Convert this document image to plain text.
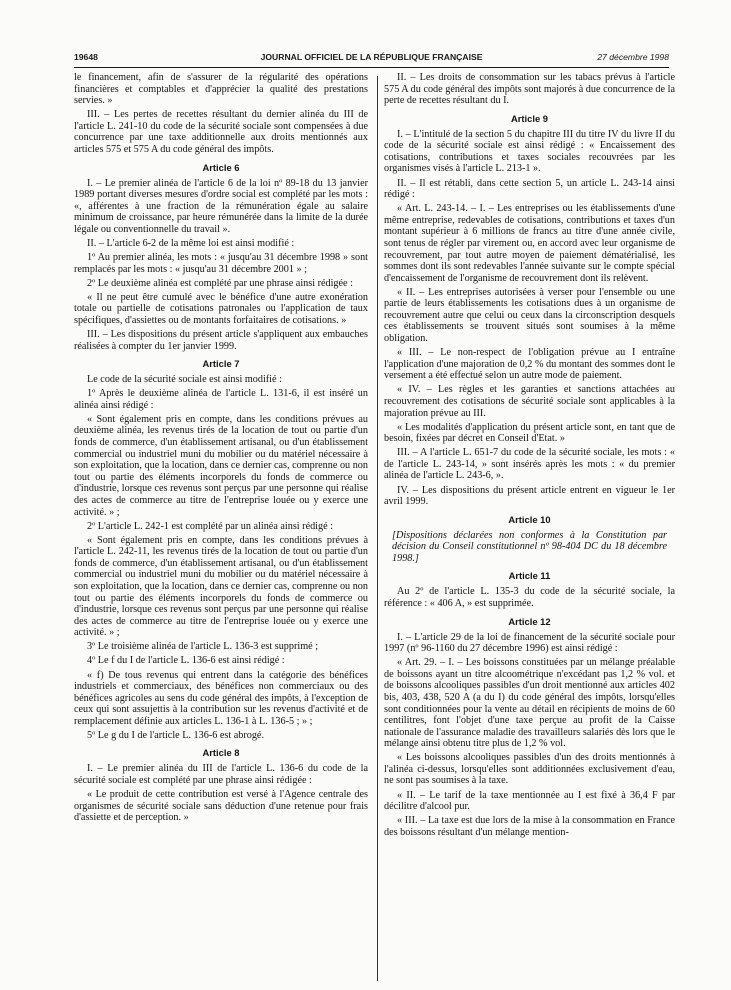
19648	JOURNAL OFFICIEL DE LA RÉPUBLIQUE FRANÇAISE	27 décembre 1998

le financement, afin de s'assurer de la régularité des opérations financières et comptables et d'apprécier la qualité des prestations servies. »

III. – Les pertes de recettes résultant du dernier alinéa du III de l'article L. 241-10 du code de la sécurité sociale sont compensées à due concurrence par une taxe additionnelle aux droits mentionnés aux articles 575 et 575 A du code général des impôts.

Article 6

I. – Le premier alinéa de l'article 6 de la loi nº 89-18 du 13 janvier 1989 portant diverses mesures d'ordre social est complété par les mots : «, afférentes à une fraction de la rémunération égale au salaire minimum de croissance, par heure rémunérée dans la limite de la durée légale ou conventionnelle du travail ».

II. – L'article 6-2 de la même loi est ainsi modifié :

1º Au premier alinéa, les mots : « jusqu'au 31 décembre 1998 » sont remplacés par les mots : « jusqu'au 31 décembre 2001 » ;

2º Le deuxième alinéa est complété par une phrase ainsi rédigée :

« Il ne peut être cumulé avec le bénéfice d'une autre exonération totale ou partielle de cotisations patronales ou l'application de taux spécifiques, d'assiettes ou de montants forfaitaires de cotisations. »

III. – Les dispositions du présent article s'appliquent aux embauches réalisées à compter du 1er janvier 1999.

Article 7

Le code de la sécurité sociale est ainsi modifié :

1º Après le deuxième alinéa de l'article L. 131-6, il est inséré un alinéa ainsi rédigé :

« Sont également pris en compte, dans les conditions prévues au deuxième alinéa, les revenus tirés de la location de tout ou partie d'un fonds de commerce, d'un établissement artisanal, ou d'un établissement commercial ou industriel muni du mobilier ou du matériel nécessaire à son exploitation, que la location, dans ce dernier cas, comprenne ou non tout ou partie des éléments incorporels du fonds de commerce ou d'industrie, lorsque ces revenus sont perçus par une personne qui réalise des actes de commerce au titre de l'entreprise louée ou y exerce une activité. » ;

2º L'article L. 242-1 est complété par un alinéa ainsi rédigé :

« Sont également pris en compte, dans les conditions prévues à l'article L. 242-11, les revenus tirés de la location de tout ou partie d'un fonds de commerce, d'un établissement artisanal, ou d'un établissement commercial ou industriel muni du mobilier ou du matériel nécessaire à son exploitation, que la location, dans ce dernier cas, comprenne ou non tout ou partie des éléments incorporels du fonds de commerce ou d'industrie, lorsque ces revenus sont perçus par une personne qui réalise des actes de commerce au titre de l'entreprise louée ou y exerce une activité. » ;

3º Le troisième alinéa de l'article L. 136-3 est supprimé ;

4º Le f du I de l'article L. 136-6 est ainsi rédigé :

« f) De tous revenus qui entrent dans la catégorie des bénéfices industriels et commerciaux, des bénéfices non commerciaux ou des bénéfices agricoles au sens du code général des impôts, à l'exception de ceux qui sont assujettis à la contribution sur les revenus d'activité et de remplacement définie aux articles L. 136-1 à L. 136-5 ; » ;

5º Le g du I de l'article L. 136-6 est abrogé.

Article 8

I. – Le premier alinéa du III de l'article L. 136-6 du code de la sécurité sociale est complété par une phrase ainsi rédigée :

« Le produit de cette contribution est versé à l'Agence centrale des organismes de sécurité sociale sans déduction d'une retenue pour frais d'assiette et de perception. »

II. – Les droits de consommation sur les tabacs prévus à l'article 575 A du code général des impôts sont majorés à due concurrence de la perte de recettes résultant du I.

Article 9

I. – L'intitulé de la section 5 du chapitre III du titre IV du livre II du code de la sécurité sociale est ainsi rédigé : « Encaissement des cotisations, contributions et taxes sociales recouvrées par les organismes visés à l'article L. 213-1 ».

II. – Il est rétabli, dans cette section 5, un article L. 243-14 ainsi rédigé :

« Art. L. 243-14. – I. – Les entreprises ou les établissements d'une même entreprise, redevables de cotisations, contributions et taxes d'un montant supérieur à 6 millions de francs au titre d'une année civile, sont tenus de régler par virement ou, en accord avec leur organisme de recouvrement, par tout autre moyen de paiement dématérialisé, les sommes dont ils sont redevables l'année suivante sur le compte spécial d'encaissement de l'organisme de recouvrement dont ils relèvent.

« II. – Les entreprises autorisées à verser pour l'ensemble ou une partie de leurs établissements les cotisations dues à un organisme de recouvrement autre que celui ou ceux dans la circonscription desquels ces établissements se trouvent situés sont soumises à la même obligation.

« III. – Le non-respect de l'obligation prévue au I entraîne l'application d'une majoration de 0,2 % du montant des sommes dont le versement a été effectué selon un autre mode de paiement.

« IV. – Les règles et les garanties et sanctions attachées au recouvrement des cotisations de sécurité sociale sont applicables à la majoration prévue au III.

« Les modalités d'application du présent article sont, en tant que de besoin, fixées par décret en Conseil d'Etat. »

III. – A l'article L. 651-7 du code de la sécurité sociale, les mots : « de l'article L. 243-14, » sont insérés après les mots : « du premier alinéa de l'article L. 243-6, ».

IV. – Les dispositions du présent article entrent en vigueur le 1er avril 1999.

Article 10

[Dispositions déclarées non conformes à la Constitution par décision du Conseil constitutionnel nº 98-404 DC du 18 décembre 1998.]

Article 11

Au 2º de l'article L. 135-3 du code de la sécurité sociale, la référence : « 406 A, » est supprimée.

Article 12

I. – L'article 29 de la loi de financement de la sécurité sociale pour 1997 (nº 96-1160 du 27 décembre 1996) est ainsi rédigé :

« Art. 29. – I. – Les boissons constituées par un mélange préalable de boissons ayant un titre alcoométrique n'excédant pas 1,2 % vol. et de boissons alcooliques passibles d'un droit mentionné aux articles 402 bis, 403, 438, 520 A (a du I) du code général des impôts, lorsqu'elles sont conditionnées pour la vente au détail en récipients de moins de 60 centilitres, font l'objet d'une taxe perçue au profit de la Caisse nationale de l'assurance maladie des travailleurs salariés dès lors que le mélange ainsi obtenu titre plus de 1,2 % vol.

« Les boissons alcooliques passibles d'un des droits mentionnés à l'alinéa ci-dessus, lorsqu'elles sont additionnées exclusivement d'eau, ne sont pas soumises à la taxe.

« II. – Le tarif de la taxe mentionnée au I est fixé à 36,4 F par décilitre d'alcool pur.

« III. – La taxe est due lors de la mise à la consommation en France des boissons résultant d'un mélange mention-
